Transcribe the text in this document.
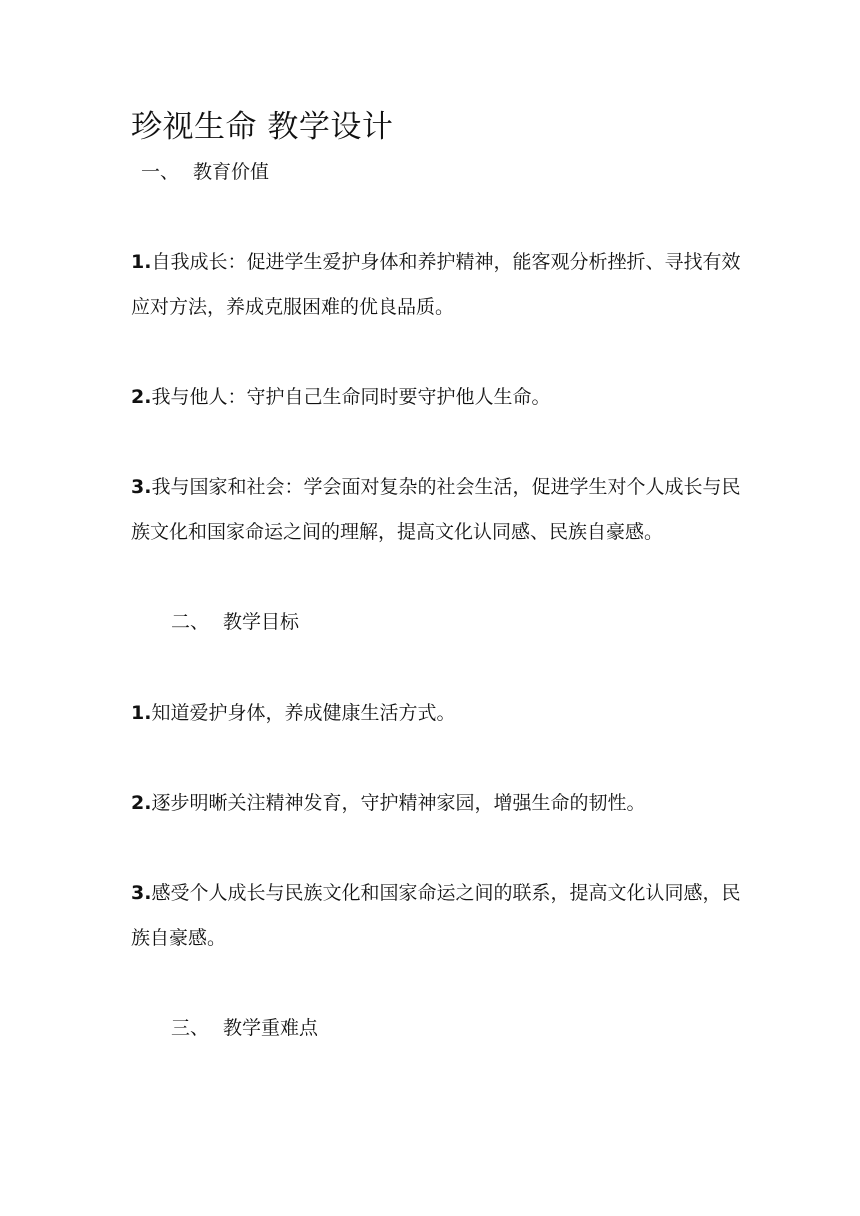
珍视生命 教学设计
一、 教育价值

1.自我成长：促进学生爱护身体和养护精神，能客观分析挫折、寻找有效应对方法，养成克服困难的优良品质。

2.我与他人：守护自己生命同时要守护他人生命。

3.我与国家和社会：学会面对复杂的社会生活，促进学生对个人成长与民族文化和国家命运之间的理解，提高文化认同感、民族自豪感。

二、 教学目标

1.知道爱护身体，养成健康生活方式。

2.逐步明晰关注精神发育，守护精神家园，增强生命的韧性。

3.感受个人成长与民族文化和国家命运之间的联系，提高文化认同感，民族自豪感。

三、 教学重难点
